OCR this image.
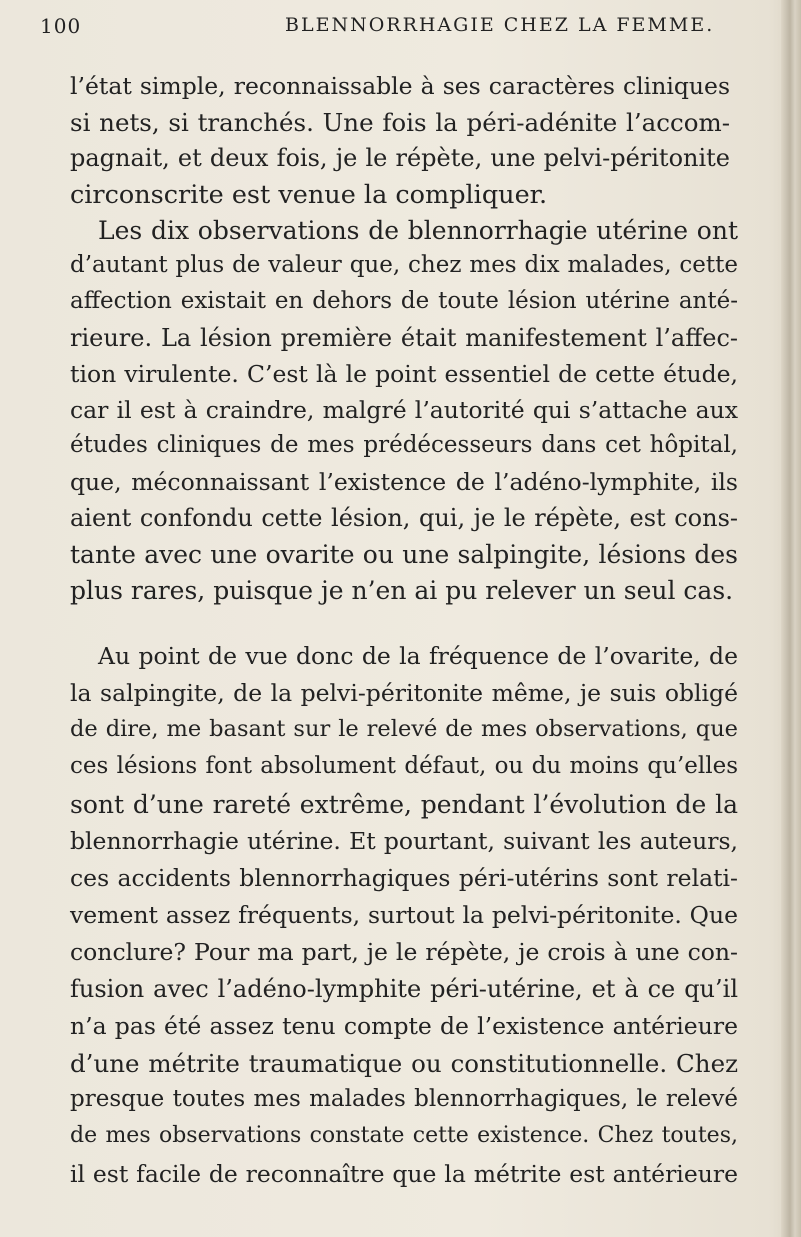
100	BLENNORRHAGIE CHEZ LA FEMME.
l’état simple, reconnaissable à ses caractères cliniques
si nets, si tranchés. Une fois la péri-adénite l’accom-
pagnait, et deux fois, je le répète, une pelvi-péritonite
circonscrite est venue la compliquer.
Les dix observations de blennorrhagie utérine ont
d’autant plus de valeur que, chez mes dix malades, cette
affection existait en dehors de toute lésion utérine anté-
rieure. La lésion première était manifestement l’affec-
tion virulente. C’est là le point essentiel de cette étude,
car il est à craindre, malgré l’autorité qui s’attache aux
études cliniques de mes prédécesseurs dans cet hôpital,
que, méconnaissant l’existence de l’adéno-lymphite, ils
aient confondu cette lésion, qui, je le répète, est cons-
tante avec une ovarite ou une salpingite, lésions des
plus rares, puisque je n’en ai pu relever un seul cas.
Au point de vue donc de la fréquence de l’ovarite, de
la salpingite, de la pelvi-péritonite même, je suis obligé
de dire, me basant sur le relevé de mes observations, que
ces lésions font absolument défaut, ou du moins qu’elles
sont d’une rareté extrême, pendant l’évolution de la
blennorrhagie utérine. Et pourtant, suivant les auteurs,
ces accidents blennorrhagiques péri-utérins sont relati-
vement assez fréquents, surtout la pelvi-péritonite. Que
conclure? Pour ma part, je le répète, je crois à une con-
fusion avec l’adéno-lymphite péri-utérine, et à ce qu’il
n’a pas été assez tenu compte de l’existence antérieure
d’une métrite traumatique ou constitutionnelle. Chez
presque toutes mes malades blennorrhagiques, le relevé
de mes observations constate cette existence. Chez toutes,
il est facile de reconnaître que la métrite est antérieure
